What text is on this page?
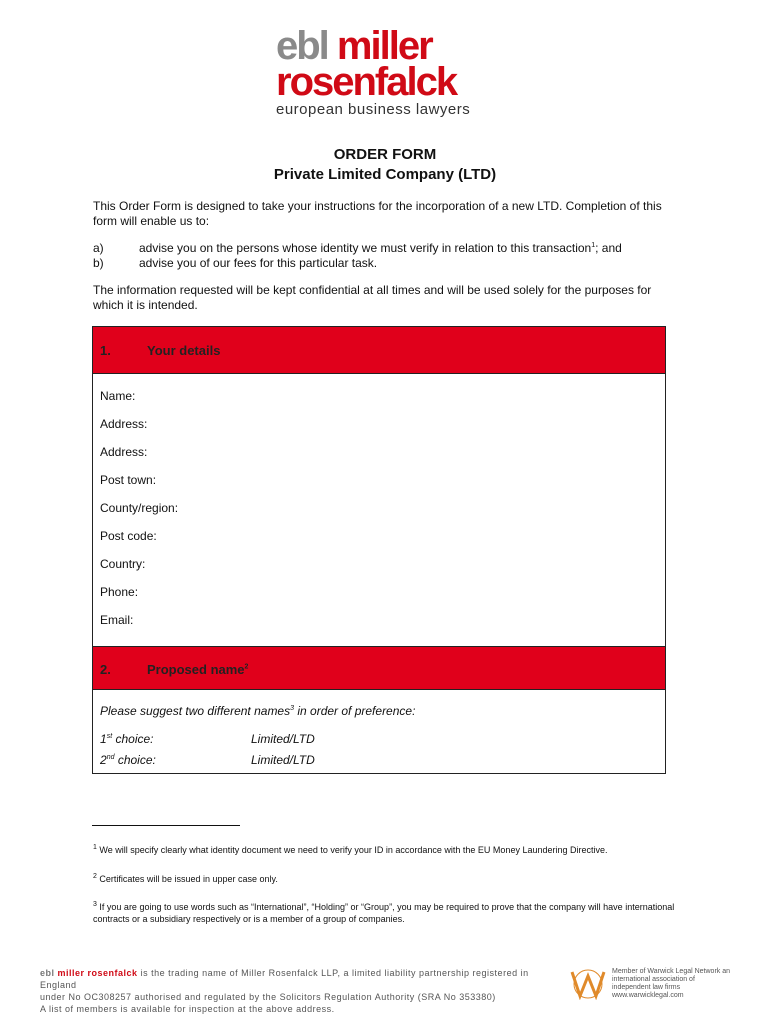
ebl miller
rosenfalck
european business lawyers
ORDER FORM
Private Limited Company (LTD)
This Order Form is designed to take your instructions for the incorporation of a new LTD. Completion of this form will enable us to:
a)	advise you on the persons whose identity we must verify in relation to this transaction$^1$; and
b)	advise you of our fees for this particular task.
The information requested will be kept confidential at all times and will be used solely for the purposes for which it is intended.
1.	Your details
Name:
Address:
Address:
Post town:
County/region:
Post code:
Country:
Phone:
Email:
2.	Proposed name$^2$
Please suggest two different names$^3$ in order of preference:
1st choice:	Limited/LTD
2nd choice:	Limited/LTD
$^1$ We will specify clearly what identity document we need to verify your ID in accordance with the EU Money Laundering Directive.
$^2$ Certificates will be issued in upper case only.
$^3$ If you are going to use words such as “International”, “Holding” or “Group”, you may be required to prove that the company will have international contracts or a subsidiary respectively or is a member of a group of companies.
ebl miller rosenfalck is the trading name of Miller Rosenfalck LLP, a limited liability partnership registered in England
under No OC308257 authorised and regulated by the Solicitors Regulation Authority (SRA No 353380)
A list of members is available for inspection at the above address.
Member of Warwick Legal Network an international association of independent law firms www.warwicklegal.com
